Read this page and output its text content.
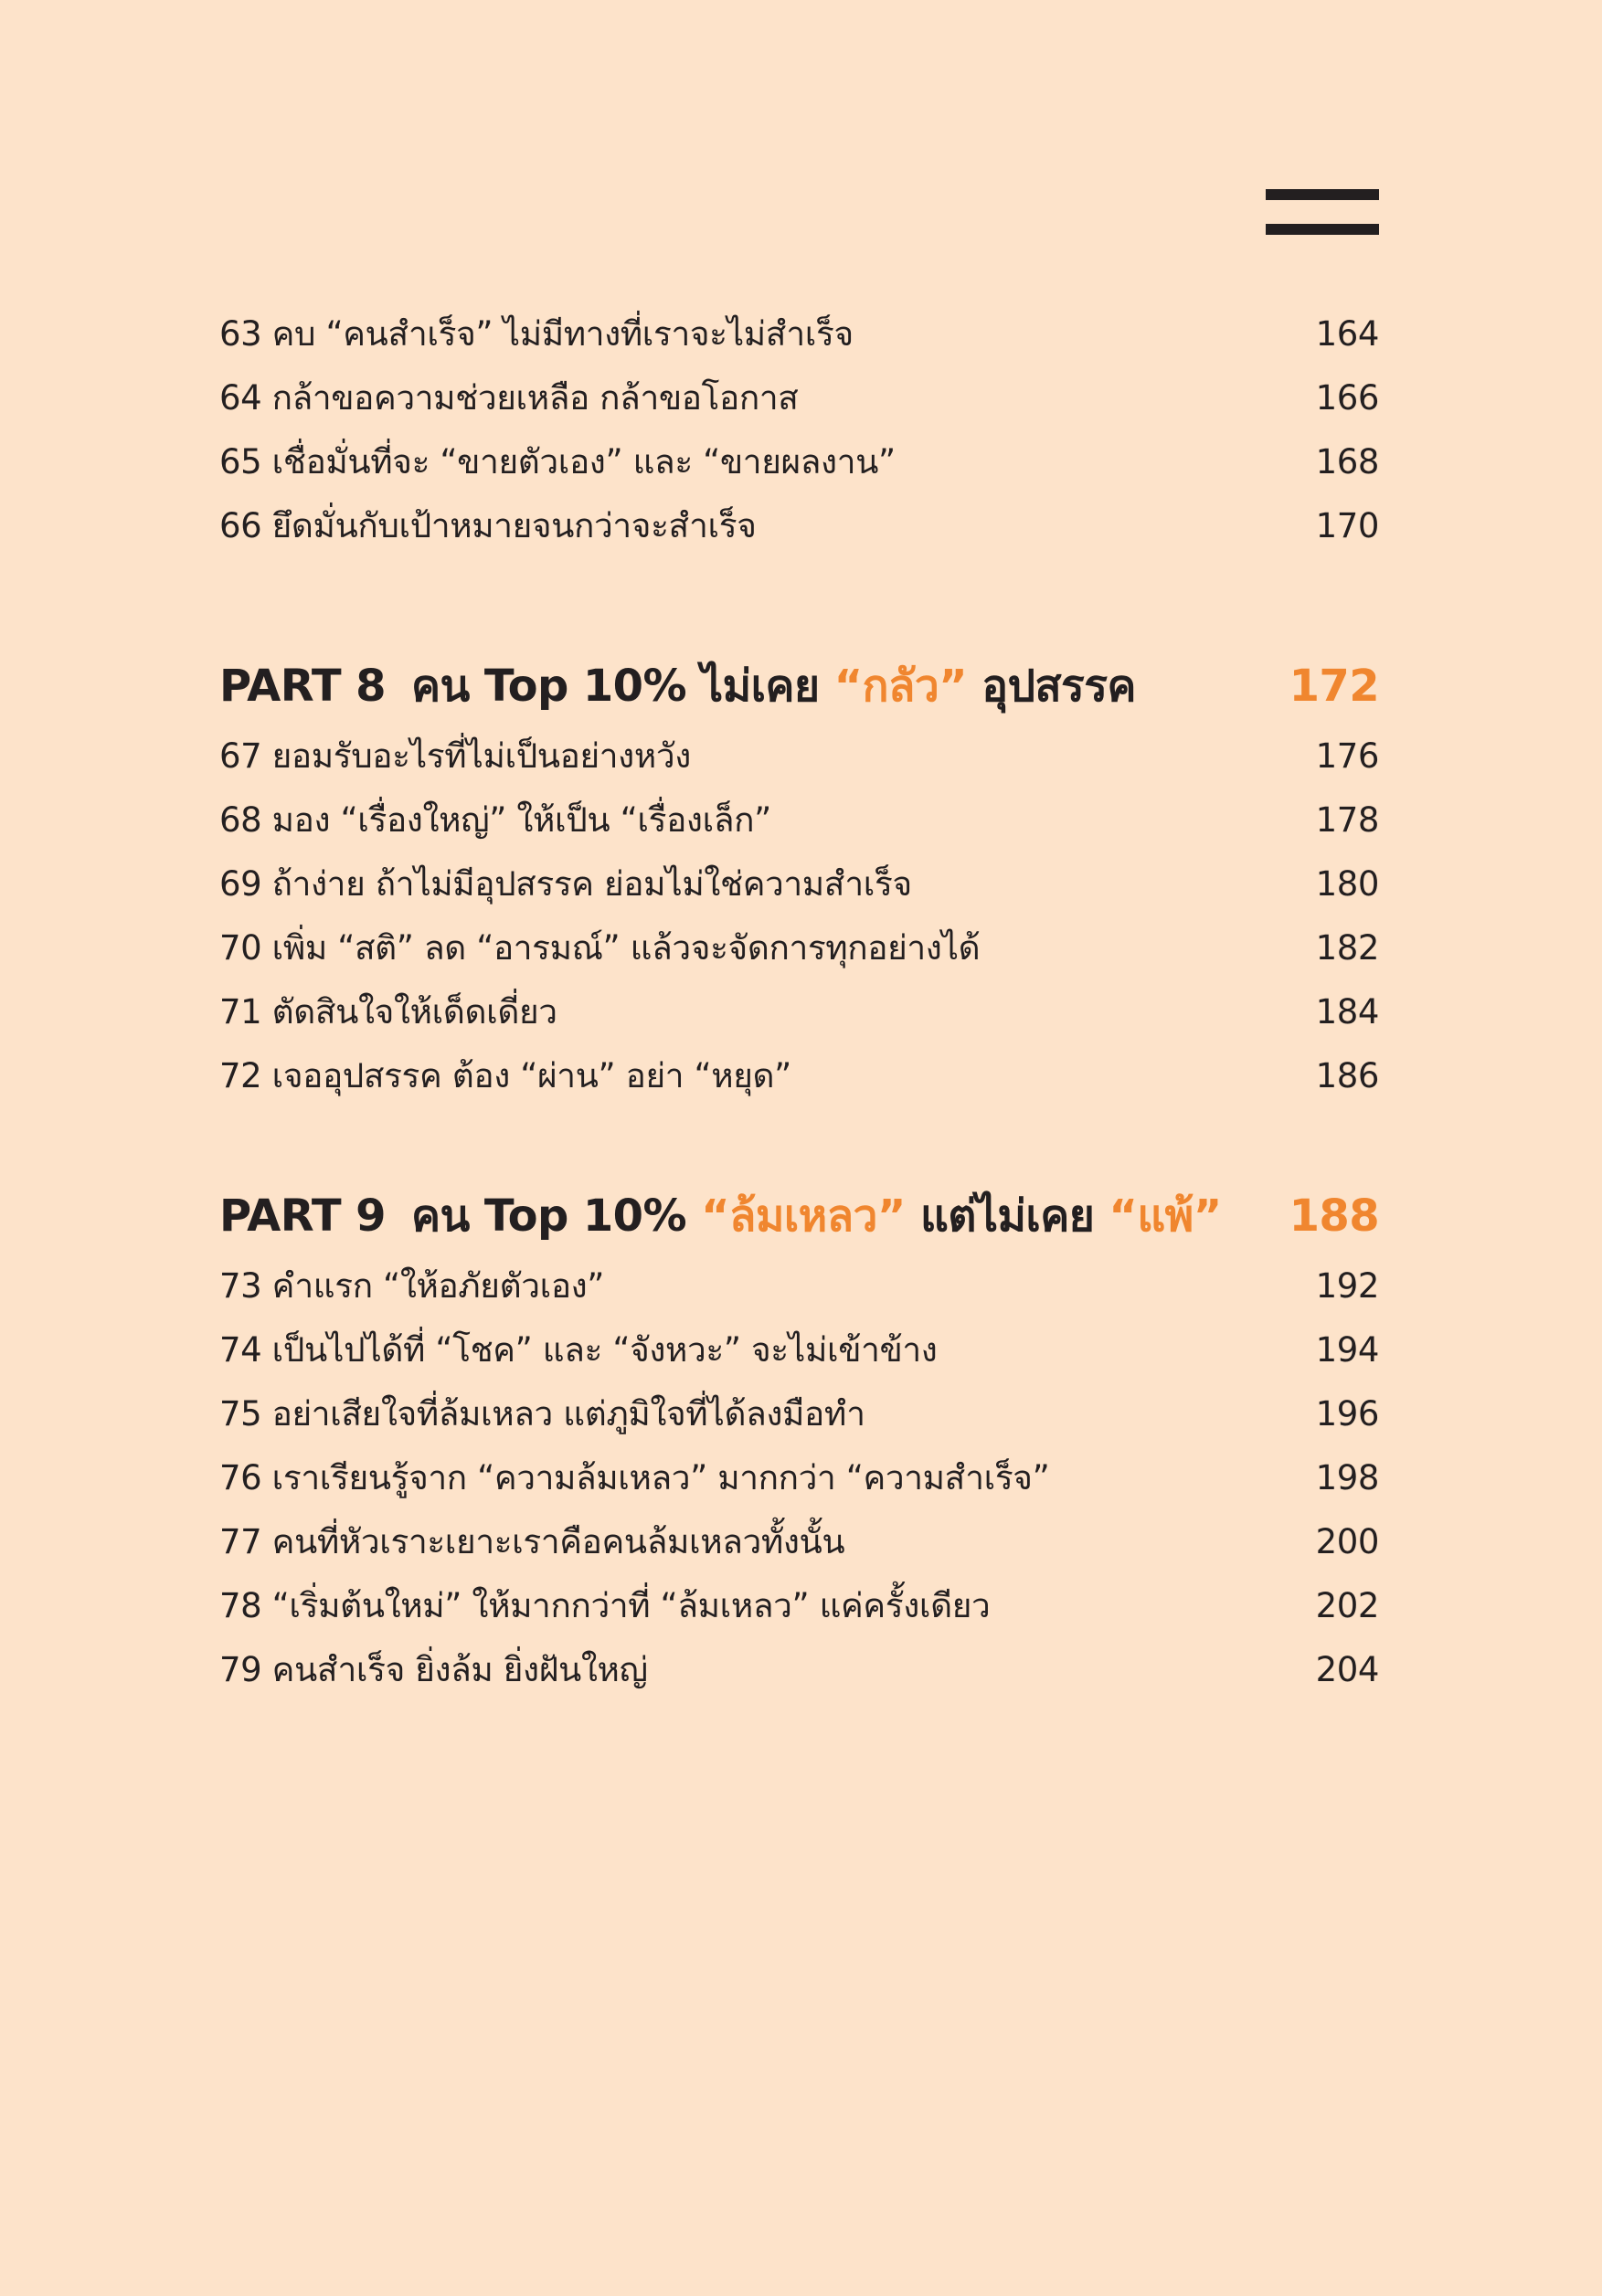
63 คบ “คนสำเร็จ” ไม่มีทางที่เราจะไม่สำเร็จ	164
64 กล้าขอความช่วยเหลือ กล้าขอโอกาส	166
65 เชื่อมั่นที่จะ “ขายตัวเอง” และ “ขายผลงาน”	168
66 ยึดมั่นกับเป้าหมายจนกว่าจะสำเร็จ	170
PART 8 คน Top 10% ไม่เคย “กลัว” อุปสรรค	172
67 ยอมรับอะไรที่ไม่เป็นอย่างหวัง	176
68 มอง “เรื่องใหญ่” ให้เป็น “เรื่องเล็ก”	178
69 ถ้าง่าย ถ้าไม่มีอุปสรรค ย่อมไม่ใช่ความสำเร็จ	180
70 เพิ่ม “สติ” ลด “อารมณ์” แล้วจะจัดการทุกอย่างได้	182
71 ตัดสินใจให้เด็ดเดี่ยว	184
72 เจออุปสรรค ต้อง “ผ่าน” อย่า “หยุด”	186
PART 9 คน Top 10% “ล้มเหลว” แต่ไม่เคย “แพ้” 188
73 คำแรก “ให้อภัยตัวเอง”	192
74 เป็นไปได้ที่ “โชค” และ “จังหวะ” จะไม่เข้าข้าง	194
75 อย่าเสียใจที่ล้มเหลว แต่ภูมิใจที่ได้ลงมือทำ	196
76 เราเรียนรู้จาก “ความล้มเหลว” มากกว่า “ความสำเร็จ”	198
77 คนที่หัวเราะเยาะเราคือคนล้มเหลวทั้งนั้น	200
78 “เริ่มต้นใหม่” ให้มากกว่าที่ “ล้มเหลว” แค่ครั้งเดียว	202
79 คนสำเร็จ ยิ่งล้ม ยิ่งฝันใหญ่	204
